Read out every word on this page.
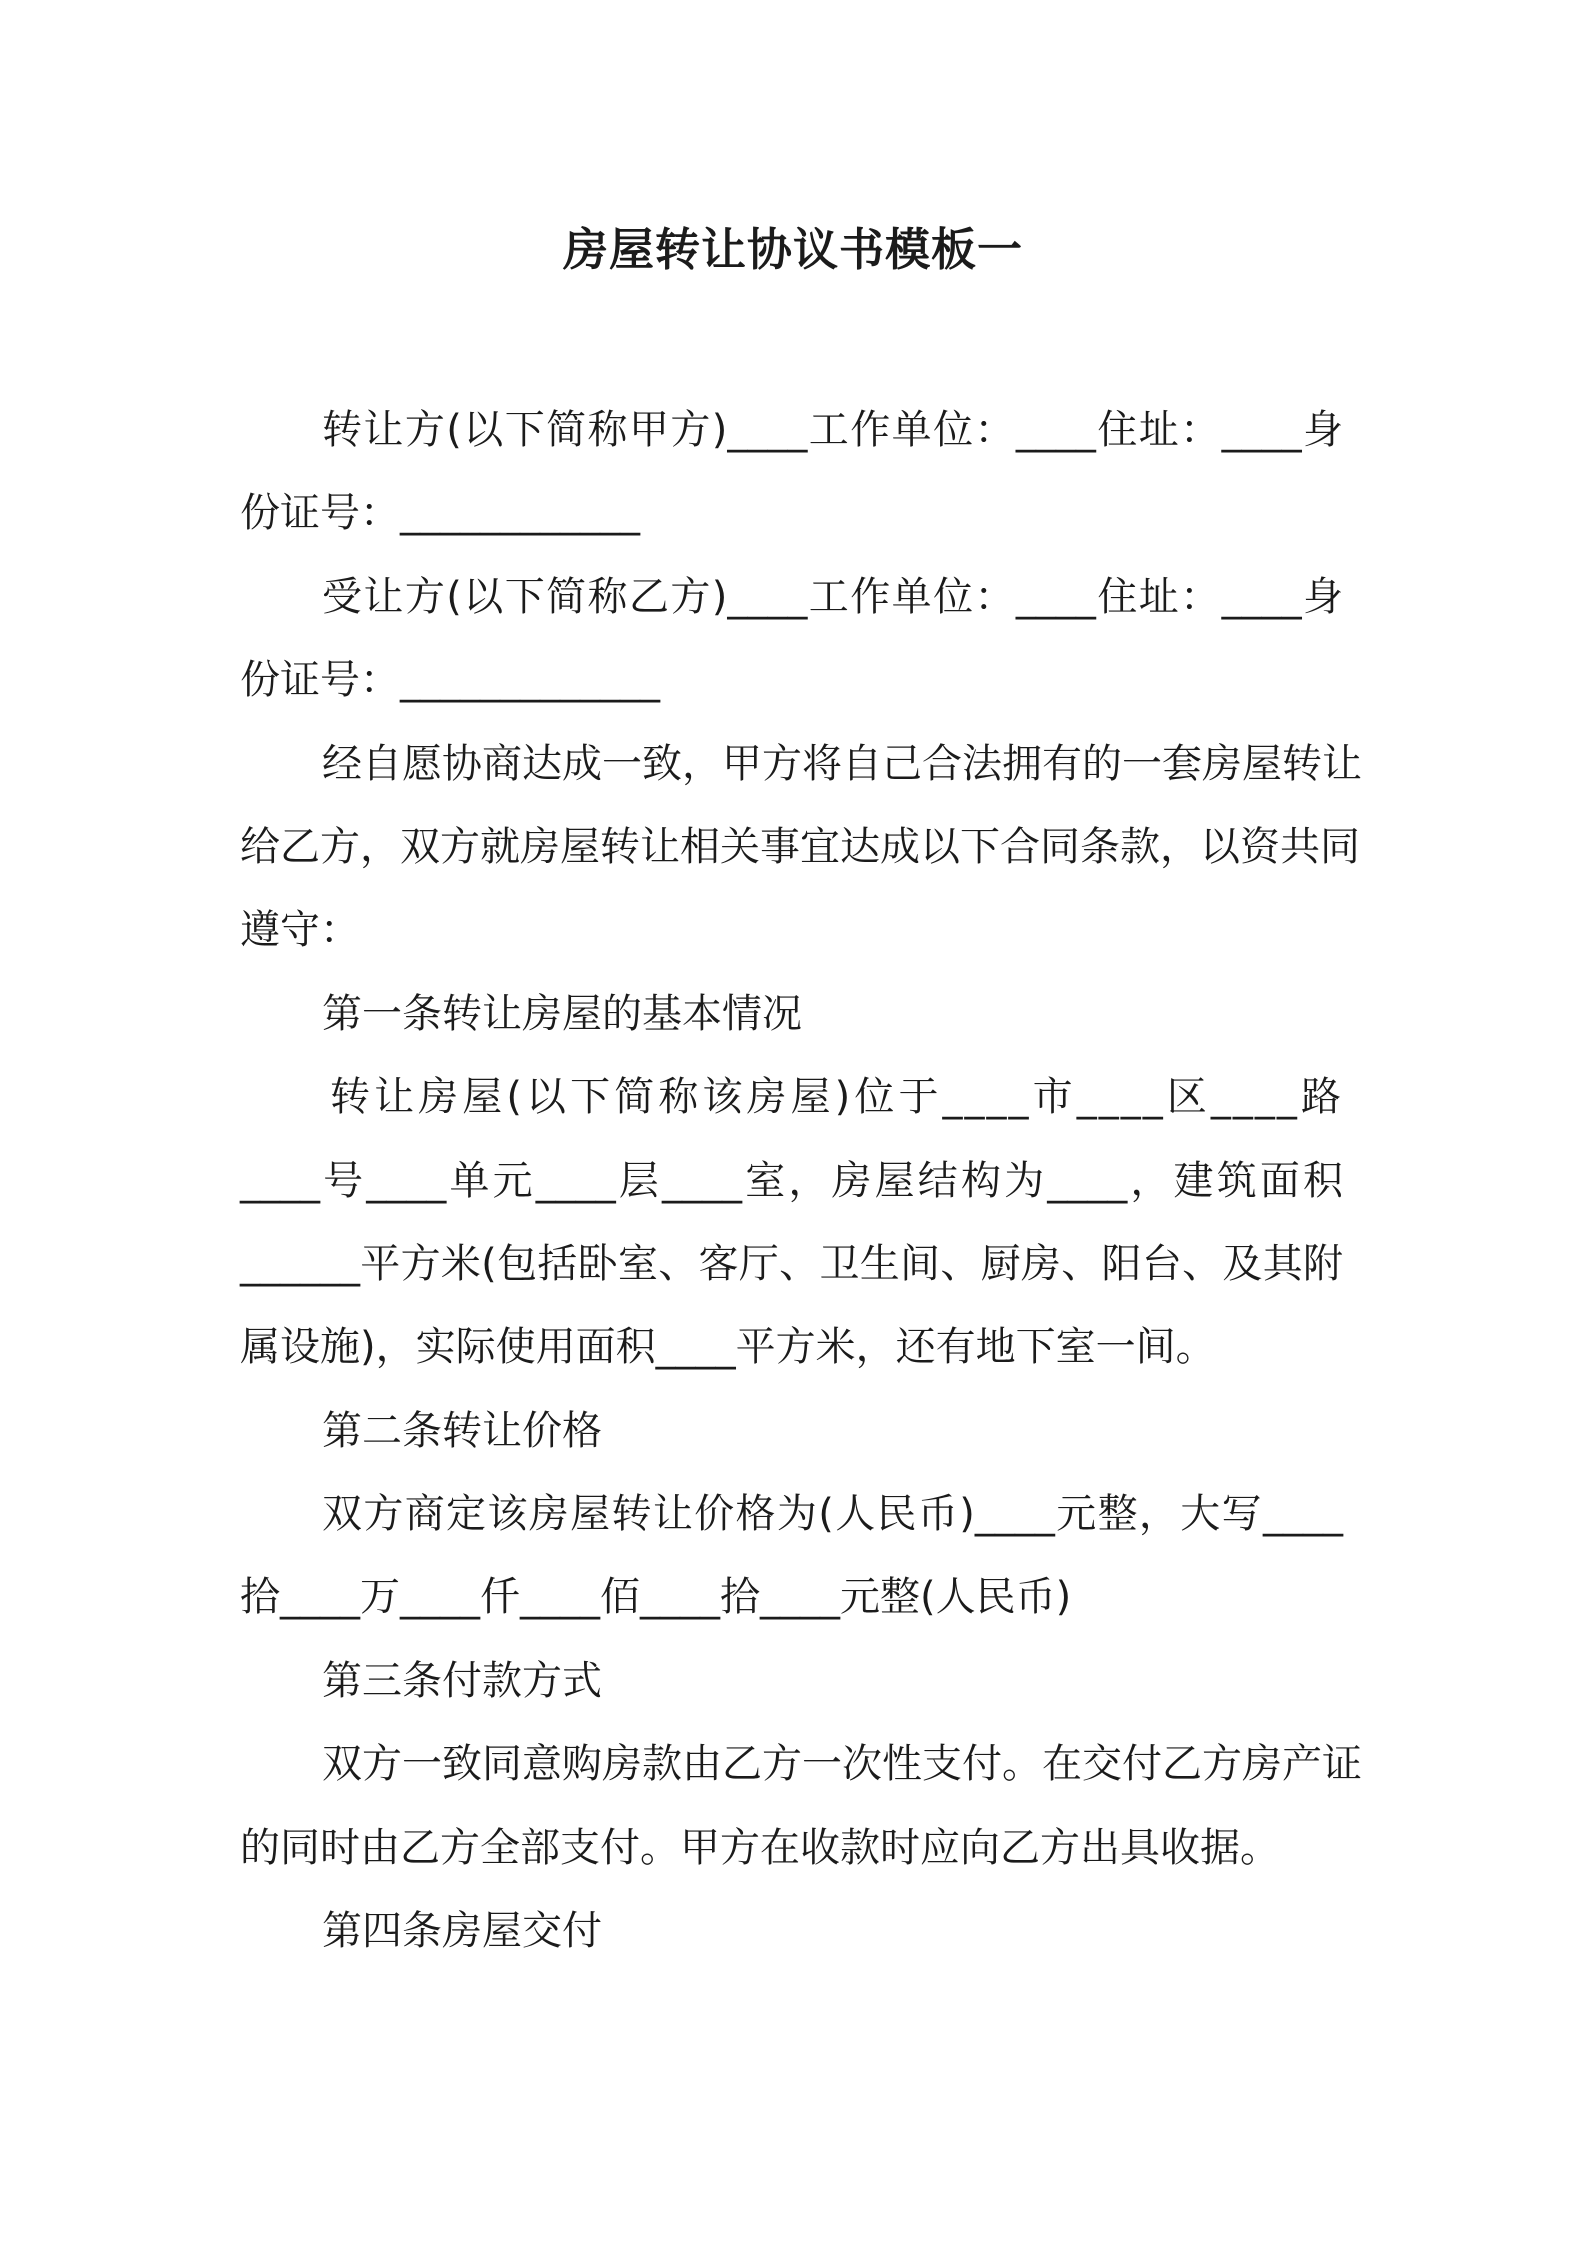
房屋转让协议书模板一
转让方(以下简称甲方)____工作单位：____住址：____身
份证号：____________
受让方(以下简称乙方)____工作单位：____住址：____身
份证号：_____________
经自愿协商达成一致，甲方将自己合法拥有的一套房屋转让
给乙方，双方就房屋转让相关事宜达成以下合同条款，以资共同
遵守：
第一条转让房屋的基本情况
转让房屋(以下简称该房屋)位于____市____区____路
____号____单元____层____室，房屋结构为____，建筑面积
______平方米(包括卧室、客厅、卫生间、厨房、阳台、及其附
属设施)，实际使用面积____平方米，还有地下室一间。
第二条转让价格
双方商定该房屋转让价格为(人民币)____元整，大写____
拾____万____仟____佰____拾____元整(人民币)
第三条付款方式
双方一致同意购房款由乙方一次性支付。在交付乙方房产证
的同时由乙方全部支付。甲方在收款时应向乙方出具收据。
第四条房屋交付
